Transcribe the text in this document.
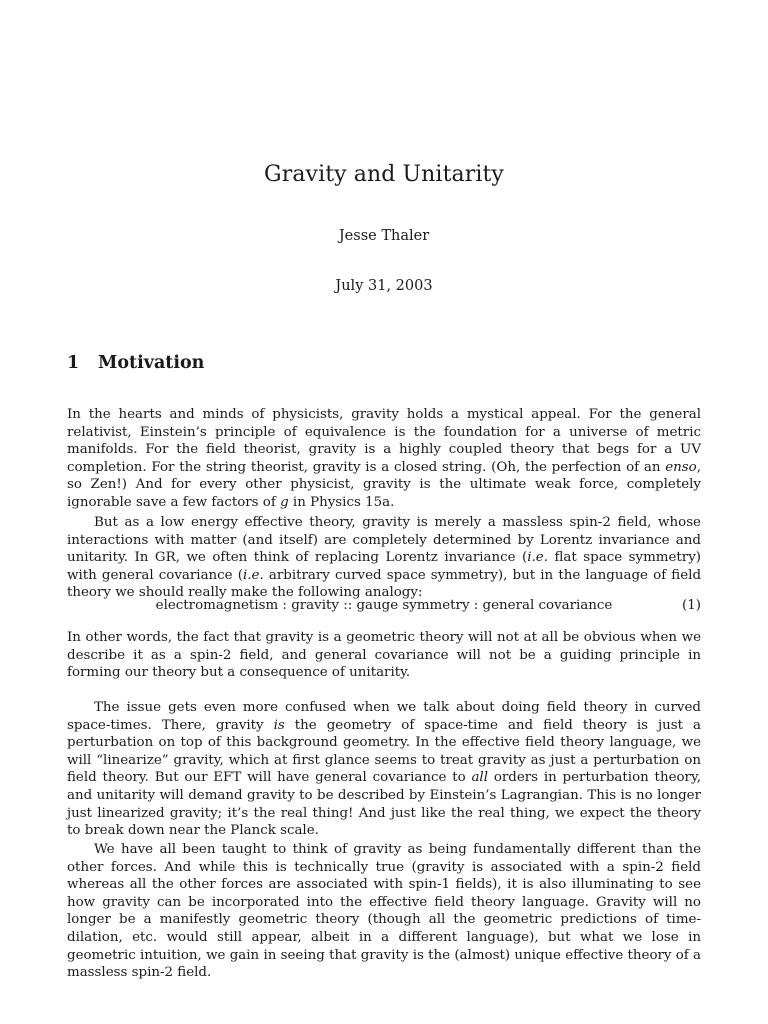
Gravity and Unitarity
Jesse Thaler
July 31, 2003
1 Motivation

In the hearts and minds of physicists, gravity holds a mystical appeal. For the general relativist, Einstein’s principle of equivalence is the foundation for a universe of metric manifolds. For the field theorist, gravity is a highly coupled theory that begs for a UV completion. For the string theorist, gravity is a closed string. (Oh, the perfection of an enso, so Zen!) And for every other physicist, gravity is the ultimate weak force, completely ignorable save a few factors of g in Physics 15a.

But as a low energy effective theory, gravity is merely a massless spin-2 field, whose interactions with matter (and itself) are completely determined by Lorentz invariance and unitarity. In GR, we often think of replacing Lorentz invariance (i.e. flat space symmetry) with general covariance (i.e. arbitrary curved space symmetry), but in the language of field theory we should really make the following analogy:

electromagnetism : gravity :: gauge symmetry : general covariance	(1)

In other words, the fact that gravity is a geometric theory will not at all be obvious when we describe it as a spin-2 field, and general covariance will not be a guiding principle in forming our theory but a consequence of unitarity.

The issue gets even more confused when we talk about doing field theory in curved space-times. There, gravity is the geometry of space-time and field theory is just a perturbation on top of this background geometry. In the effective field theory language, we will “linearize” gravity, which at first glance seems to treat gravity as just a perturbation on field theory. But our EFT will have general covariance to all orders in perturbation theory, and unitarity will demand gravity to be described by Einstein’s Lagrangian. This is no longer just linearized gravity; it’s the real thing! And just like the real thing, we expect the theory to break down near the Planck scale.

We have all been taught to think of gravity as being fundamentally different than the other forces. And while this is technically true (gravity is associated with a spin-2 field whereas all the other forces are associated with spin-1 fields), it is also illuminating to see how gravity can be incorporated into the effective field theory language. Gravity will no longer be a manifestly geometric theory (though all the geometric predictions of time-dilation, etc. would still appear, albeit in a different language), but what we lose in geometric intuition, we gain in seeing that gravity is the (almost) unique effective theory of a massless spin-2 field.
